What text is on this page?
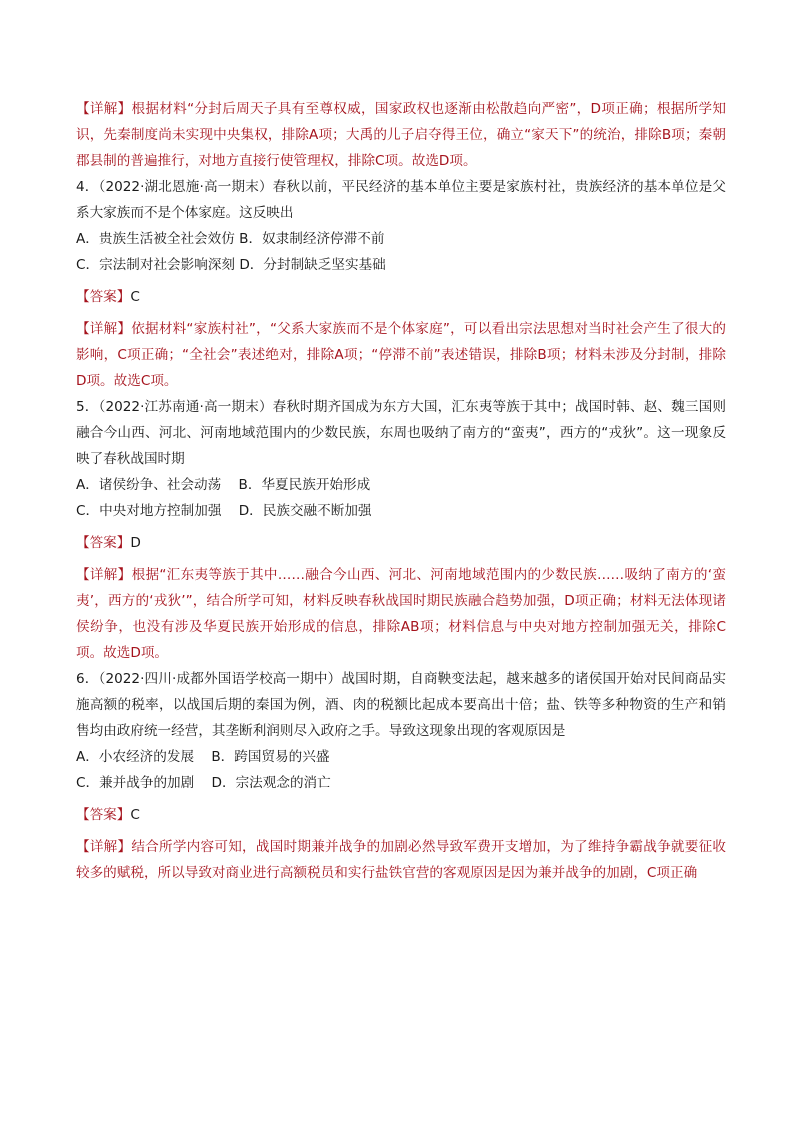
【详解】根据材料“分封后周天子具有至尊权威，国家政权也逐渐由松散趋向严密”，D项正确；根据所学知识，先秦制度尚未实现中央集权，排除A项；大禹的儿子启夺得王位，确立“家天下”的统治，排除B项；秦朝郡县制的普遍推行，对地方直接行使管理权，排除C项。故选D项。

4．（2022·湖北恩施·高一期末）春秋以前，平民经济的基本单位主要是家族村社，贵族经济的基本单位是父系大家族而不是个体家庭。这反映出

A．贵族生活被全社会效仿 B．奴隶制经济停滞不前

C．宗法制对社会影响深刻 D．分封制缺乏坚实基础

【答案】C

【详解】依据材料“家族村社”，“父系大家族而不是个体家庭”，可以看出宗法思想对当时社会产生了很大的影响，C项正确；“全社会”表述绝对，排除A项；“停滞不前”表述错误，排除B项；材料未涉及分封制，排除D项。故选C项。

5．（2022·江苏南通·高一期末）春秋时期齐国成为东方大国，汇东夷等族于其中；战国时韩、赵、魏三国则融合今山西、河北、河南地域范围内的少数民族，东周也吸纳了南方的“蛮夷”，西方的“戎狄”。这一现象反映了春秋战国时期

A．诸侯纷争、社会动荡    B．华夏民族开始形成

C．中央对地方控制加强    D．民族交融不断加强

【答案】D

【详解】根据“汇东夷等族于其中……融合今山西、河北、河南地域范围内的少数民族……吸纳了南方的‘蛮夷’，西方的‘戎狄’”，结合所学可知，材料反映春秋战国时期民族融合趋势加强，D项正确；材料无法体现诸侯纷争，也没有涉及华夏民族开始形成的信息，排除AB项；材料信息与中央对地方控制加强无关，排除C项。故选D项。

6．（2022·四川·成都外国语学校高一期中）战国时期，自商鞅变法起，越来越多的诸侯国开始对民间商品实施高额的税率，以战国后期的秦国为例，酒、肉的税额比起成本要高出十倍；盐、铁等多种物资的生产和销售均由政府统一经营，其垄断利润则尽入政府之手。导致这现象出现的客观原因是

A．小农经济的发展    B．跨国贸易的兴盛

C．兼并战争的加剧    D．宗法观念的消亡

【答案】C

【详解】结合所学内容可知，战国时期兼并战争的加剧必然导致军费开支增加，为了维持争霸战争就要征收较多的赋税，所以导致对商业进行高额税员和实行盐铁官营的客观原因是因为兼并战争的加剧，C项正确
